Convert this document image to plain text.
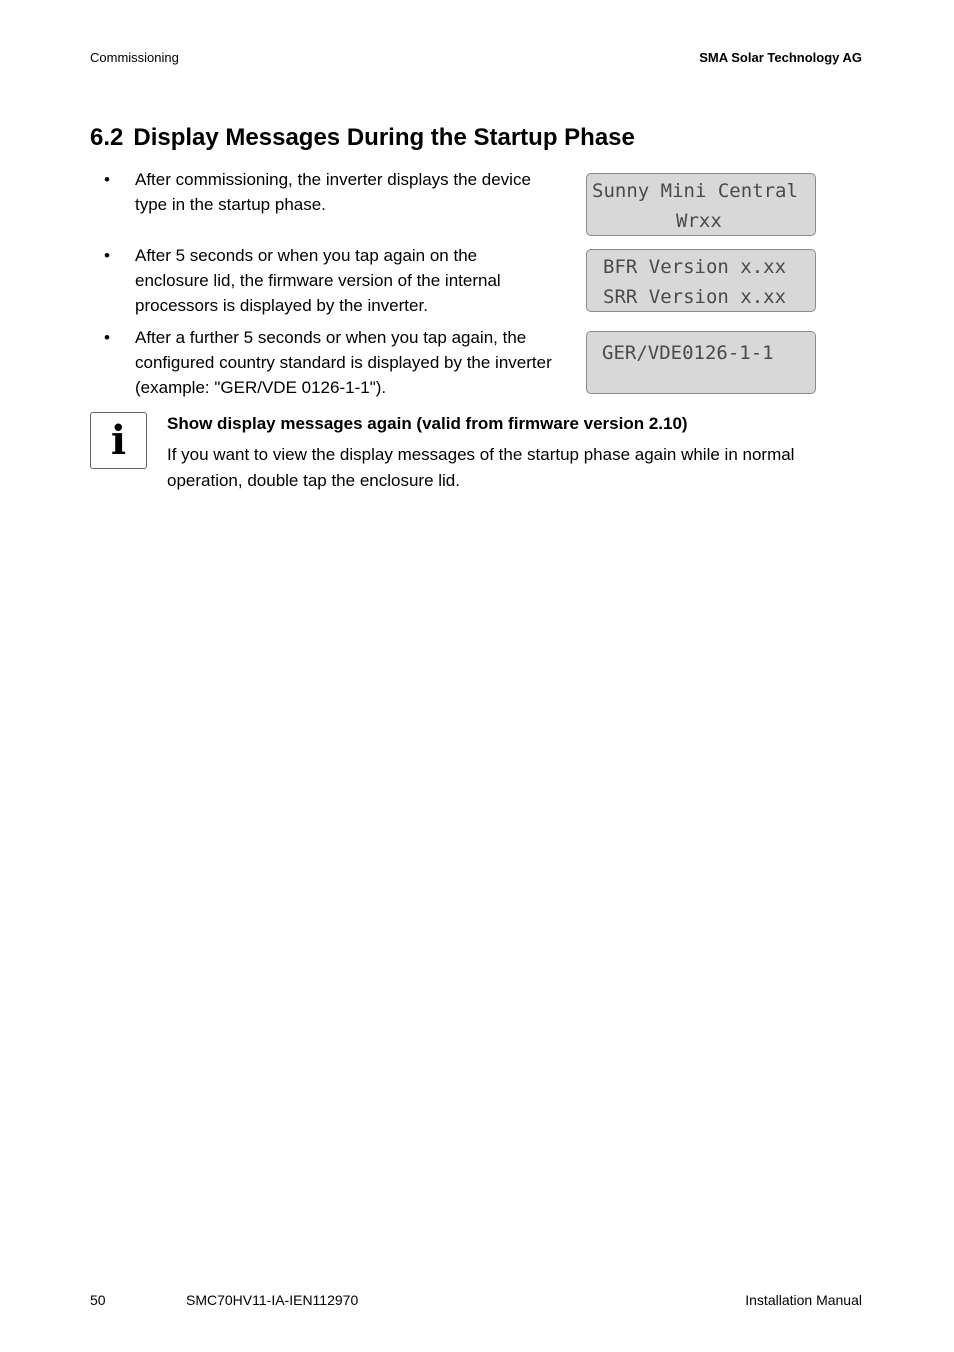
Commissioning	SMA Solar Technology AG
6.2 Display Messages During the Startup Phase
• After commissioning, the inverter displays the device type in the startup phase.
• After 5 seconds or when you tap again on the enclosure lid, the firmware version of the internal processors is displayed by the inverter.
• After a further 5 seconds or when you tap again, the configured country standard is displayed by the inverter (example: "GER/VDE 0126-1-1").
Sunny Mini Central
Wrxx
BFR Version x.xx
SRR Version x.xx
GER/VDE0126-1-1
i Show display messages again (valid from firmware version 2.10)
If you want to view the display messages of the startup phase again while in normal operation, double tap the enclosure lid.
50	SMC70HV11-IA-IEN112970	Installation Manual
